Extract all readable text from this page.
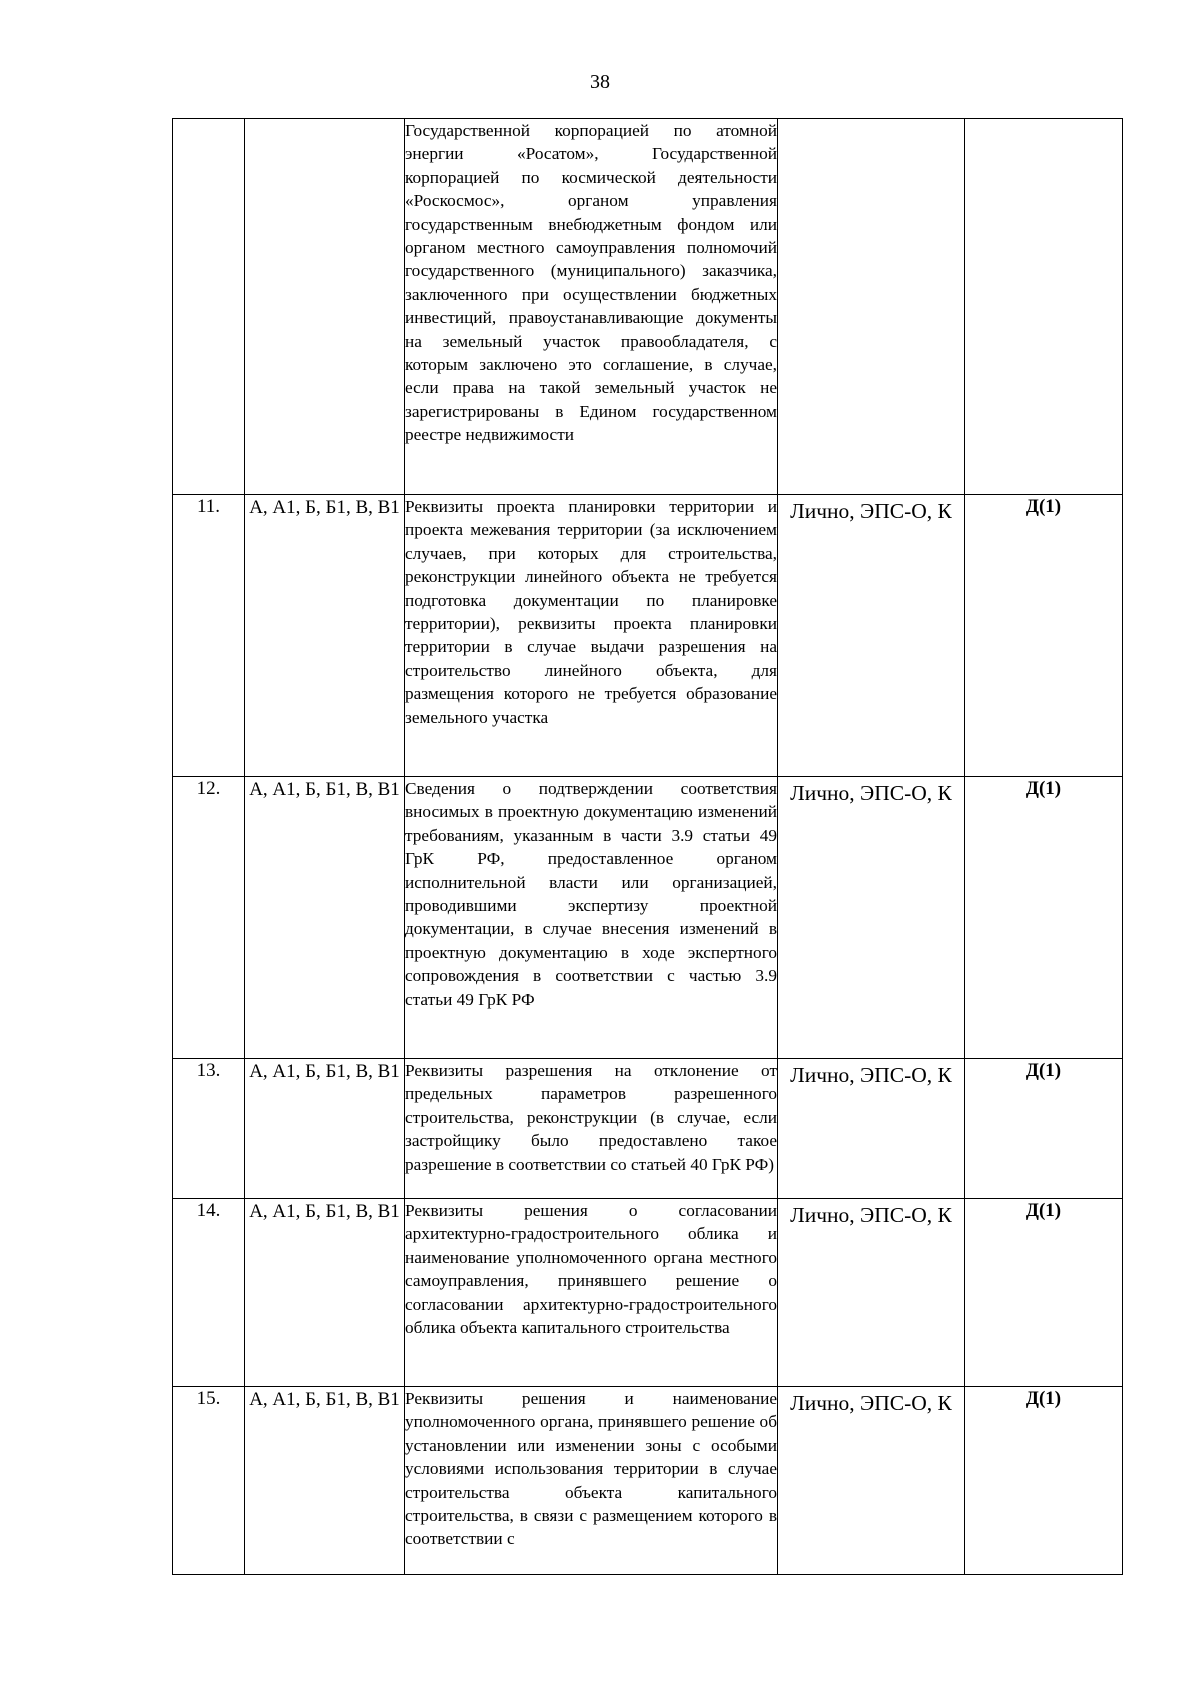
38
		Государственной корпорацией по атомной энергии «Росатом», Государственной корпорацией по космической деятельности «Роскосмос», органом управления государственным внебюджетным фондом или органом местного самоуправления полномочий государственного (муниципального) заказчика, заключенного при осуществлении бюджетных инвестиций, правоустанавливающие документы на земельный участок правообладателя, с которым заключено это соглашение, в случае, если права на такой земельный участок не зарегистрированы в Едином государственном реестре недвижимости		
11.	А, А1, Б, Б1, В, В1	Реквизиты проекта планировки территории и проекта межевания территории (за исключением случаев, при которых для строительства, реконструкции линейного объекта не требуется подготовка документации по планировке территории), реквизиты проекта планировки территории в случае выдачи разрешения на строительство линейного объекта, для размещения которого не требуется образование земельного участка	Лично, ЭПС-О, К	Д(1)
12.	А, А1, Б, Б1, В, В1	Сведения о подтверждении соответствия вносимых в проектную документацию изменений требованиям, указанным в части 3.9 статьи 49 ГрК РФ, предоставленное органом исполнительной власти или организацией, проводившими экспертизу проектной документации, в случае внесения изменений в проектную документацию в ходе экспертного сопровождения в соответствии с частью 3.9 статьи 49 ГрК РФ	Лично, ЭПС-О, К	Д(1)
13.	А, А1, Б, Б1, В, В1	Реквизиты разрешения на отклонение от предельных параметров разрешенного строительства, реконструкции (в случае, если застройщику было предоставлено такое разрешение в соответствии со статьей 40 ГрК РФ)	Лично, ЭПС-О, К	Д(1)
14.	А, А1, Б, Б1, В, В1	Реквизиты решения о согласовании архитектурно-градостроительного облика и наименование уполномоченного органа местного самоуправления, принявшего решение о согласовании архитектурно-градостроительного облика объекта капитального строительства	Лично, ЭПС-О, К	Д(1)
15.	А, А1, Б, Б1, В, В1	Реквизиты решения и наименование уполномоченного органа, принявшего решение об установлении или изменении зоны с особыми условиями использования территории в случае строительства объекта капитального строительства, в связи с размещением которого в соответствии с	Лично, ЭПС-О, К	Д(1)
